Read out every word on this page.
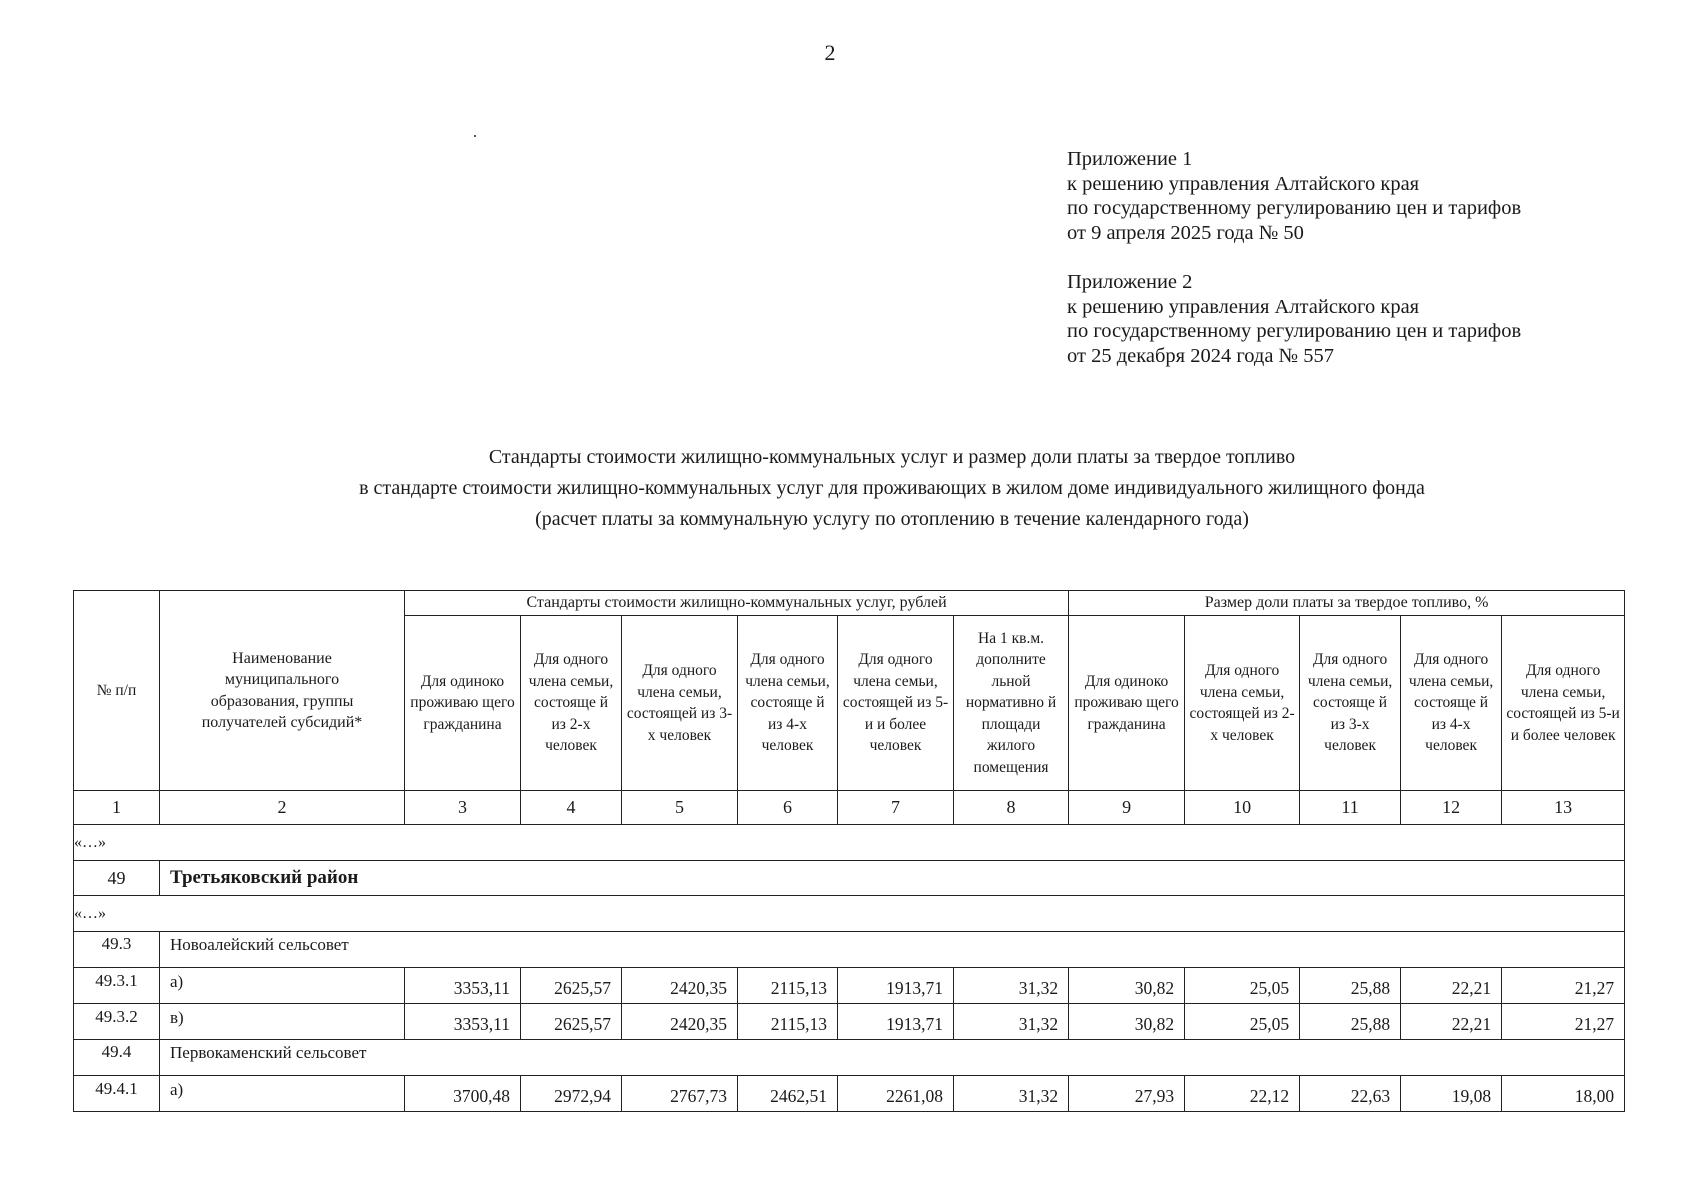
2
Приложение 1
к решению управления Алтайского края
по государственному регулированию цен и тарифов
от 9 апреля 2025 года № 50
Приложение 2
к решению управления Алтайского края
по государственному регулированию цен и тарифов
от 25 декабря 2024 года № 557
Стандарты стоимости жилищно-коммунальных услуг и размер доли платы за твердое топливо
в стандарте стоимости жилищно-коммунальных услуг для проживающих в жилом доме индивидуального жилищного фонда
(расчет платы за коммунальную услугу по отоплению в течение календарного года)
№ п/п	Наименование муниципального образования, группы получателей субсидий*	Стандарты стоимости жилищно-коммунальных услуг, рублей						Размер доли платы за твердое топливо, %				
		Для одиноко проживаю щего гражданина	Для одного члена семьи, состояще й из 2-х человек	Для одного члена семьи, состоящей из 3-х человек	Для одного члена семьи, состояще й из 4-х человек	Для одного члена семьи, состоящей из 5-и и более человек	На 1 кв.м. дополните льной нормативно й площади жилого помещения	Для одиноко проживаю щего гражданина	Для одного члена семьи, состоящей из 2-х человек	Для одного члена семьи, состояще й из 3-х человек	Для одного члена семьи, состояще й из 4-х человек	Для одного члена семьи, состоящей из 5-и и более человек
1	2	3	4	5	6	7	8	9	10	11	12	13
«…»												
49	Третьяковский район											
«…»												
49.3	Новоалейский сельсовет											
49.3.1	а)	3353,11	2625,57	2420,35	2115,13	1913,71	31,32	30,82	25,05	25,88	22,21	21,27
49.3.2	в)	3353,11	2625,57	2420,35	2115,13	1913,71	31,32	30,82	25,05	25,88	22,21	21,27
49.4	Первокаменский сельсовет											
49.4.1	а)	3700,48	2972,94	2767,73	2462,51	2261,08	31,32	27,93	22,12	22,63	19,08	18,00
